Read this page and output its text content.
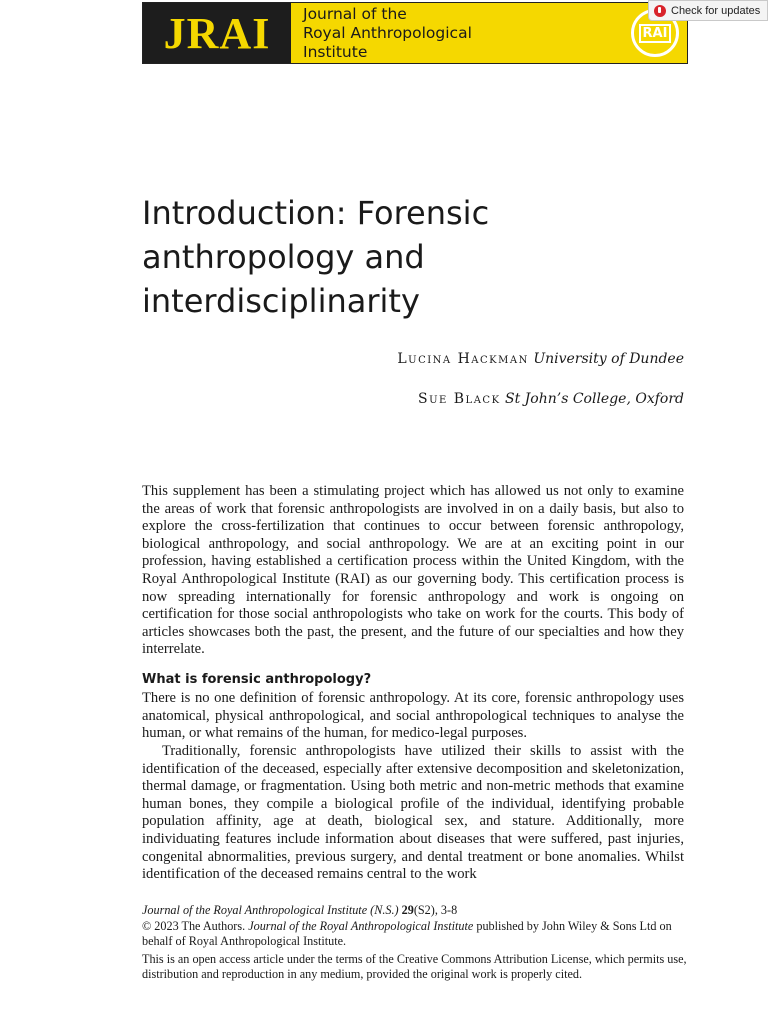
JRAI Journal of the
Royal Anthropological
Institute
RAI
Check for updates
Introduction: Forensic anthropology and interdisciplinarity
Lucina Hackman University of Dundee
Sue Black St John’s College, Oxford

This supplement has been a stimulating project which has allowed us not only to examine the areas of work that forensic anthropologists are involved in on a daily basis, but also to explore the cross-fertilization that continues to occur between forensic anthropology, biological anthropology, and social anthropology. We are at an exciting point in our profession, having established a certification process within the United Kingdom, with the Royal Anthropological Institute (RAI) as our governing body. This certification process is now spreading internationally for forensic anthropology and work is ongoing on certification for those social anthropologists who take on work for the courts. This body of articles showcases both the past, the present, and the future of our specialties and how they interrelate.

What is forensic anthropology?

There is no one definition of forensic anthropology. At its core, forensic anthropology uses anatomical, physical anthropological, and social anthropological techniques to analyse the human, or what remains of the human, for medico-legal purposes.

Traditionally, forensic anthropologists have utilized their skills to assist with the identification of the deceased, especially after extensive decomposition and skeletonization, thermal damage, or fragmentation. Using both metric and non-metric methods that examine human bones, they compile a biological profile of the individual, identifying probable population affinity, age at death, biological sex, and stature. Additionally, more individuating features include information about diseases that were suffered, past injuries, congenital abnormalities, previous surgery, and dental treatment or bone anomalies. Whilst identification of the deceased remains central to the work

Journal of the Royal Anthropological Institute (N.S.) 29(S2), 3-8
© 2023 The Authors. Journal of the Royal Anthropological Institute published by John Wiley & Sons Ltd on behalf of Royal Anthropological Institute.
This is an open access article under the terms of the Creative Commons Attribution License, which permits use, distribution and reproduction in any medium, provided the original work is properly cited.
